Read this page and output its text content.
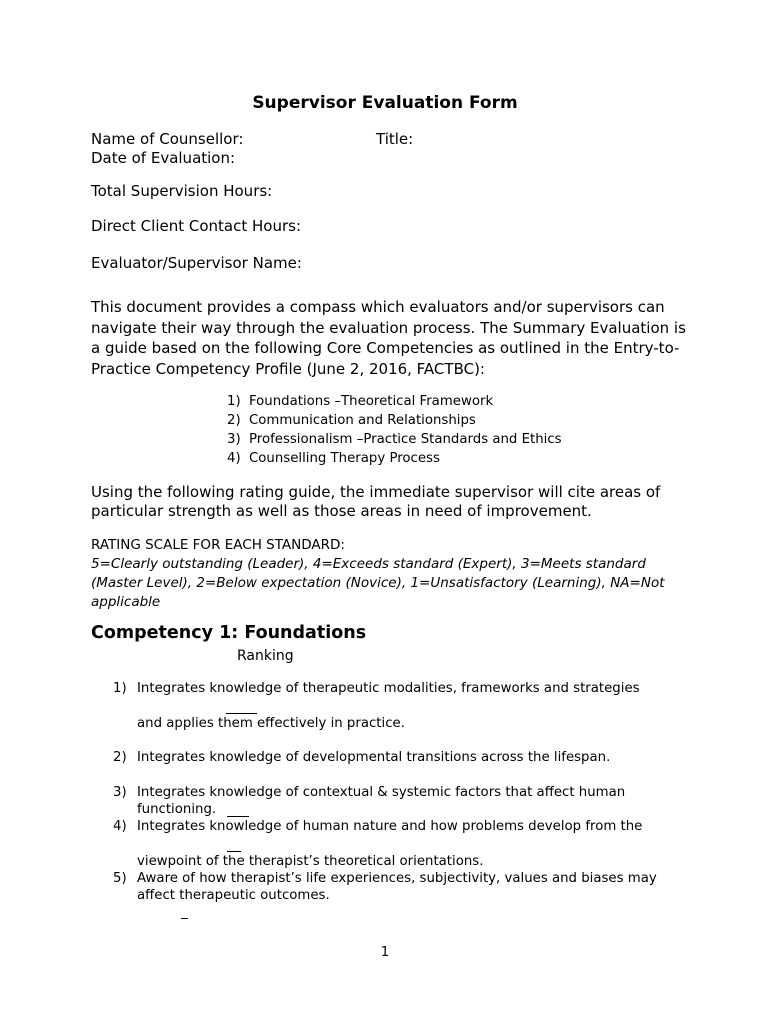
Supervisor Evaluation Form
Name of Counsellor:	Title:
Date of Evaluation:
Total Supervision Hours:
Direct Client Contact Hours:
Evaluator/Supervisor Name:
This document provides a compass which evaluators and/or supervisors can navigate their way through the evaluation process. The Summary Evaluation is a guide based on the following Core Competencies as outlined in the Entry-to-Practice Competency Profile (June 2, 2016, FACTBC):
1) Foundations –Theoretical Framework
2) Communication and Relationships
3) Professionalism –Practice Standards and Ethics
4) Counselling Therapy Process
Using the following rating guide, the immediate supervisor will cite areas of particular strength as well as those areas in need of improvement.
RATING SCALE FOR EACH STANDARD:
5=Clearly outstanding (Leader), 4=Exceeds standard (Expert), 3=Meets standard (Master Level), 2=Below expectation (Novice), 1=Unsatisfactory (Learning), NA=Not applicable
Competency 1: Foundations
Ranking
1) Integrates knowledge of therapeutic modalities, frameworks and strategies
and applies them effectively in practice.
2) Integrates knowledge of developmental transitions across the lifespan.
3) Integrates knowledge of contextual & systemic factors that affect human
functioning.
4) Integrates knowledge of human nature and how problems develop from the
viewpoint of the therapist’s theoretical orientations.
5) Aware of how therapist’s life experiences, subjectivity, values and biases may
affect therapeutic outcomes.
1
